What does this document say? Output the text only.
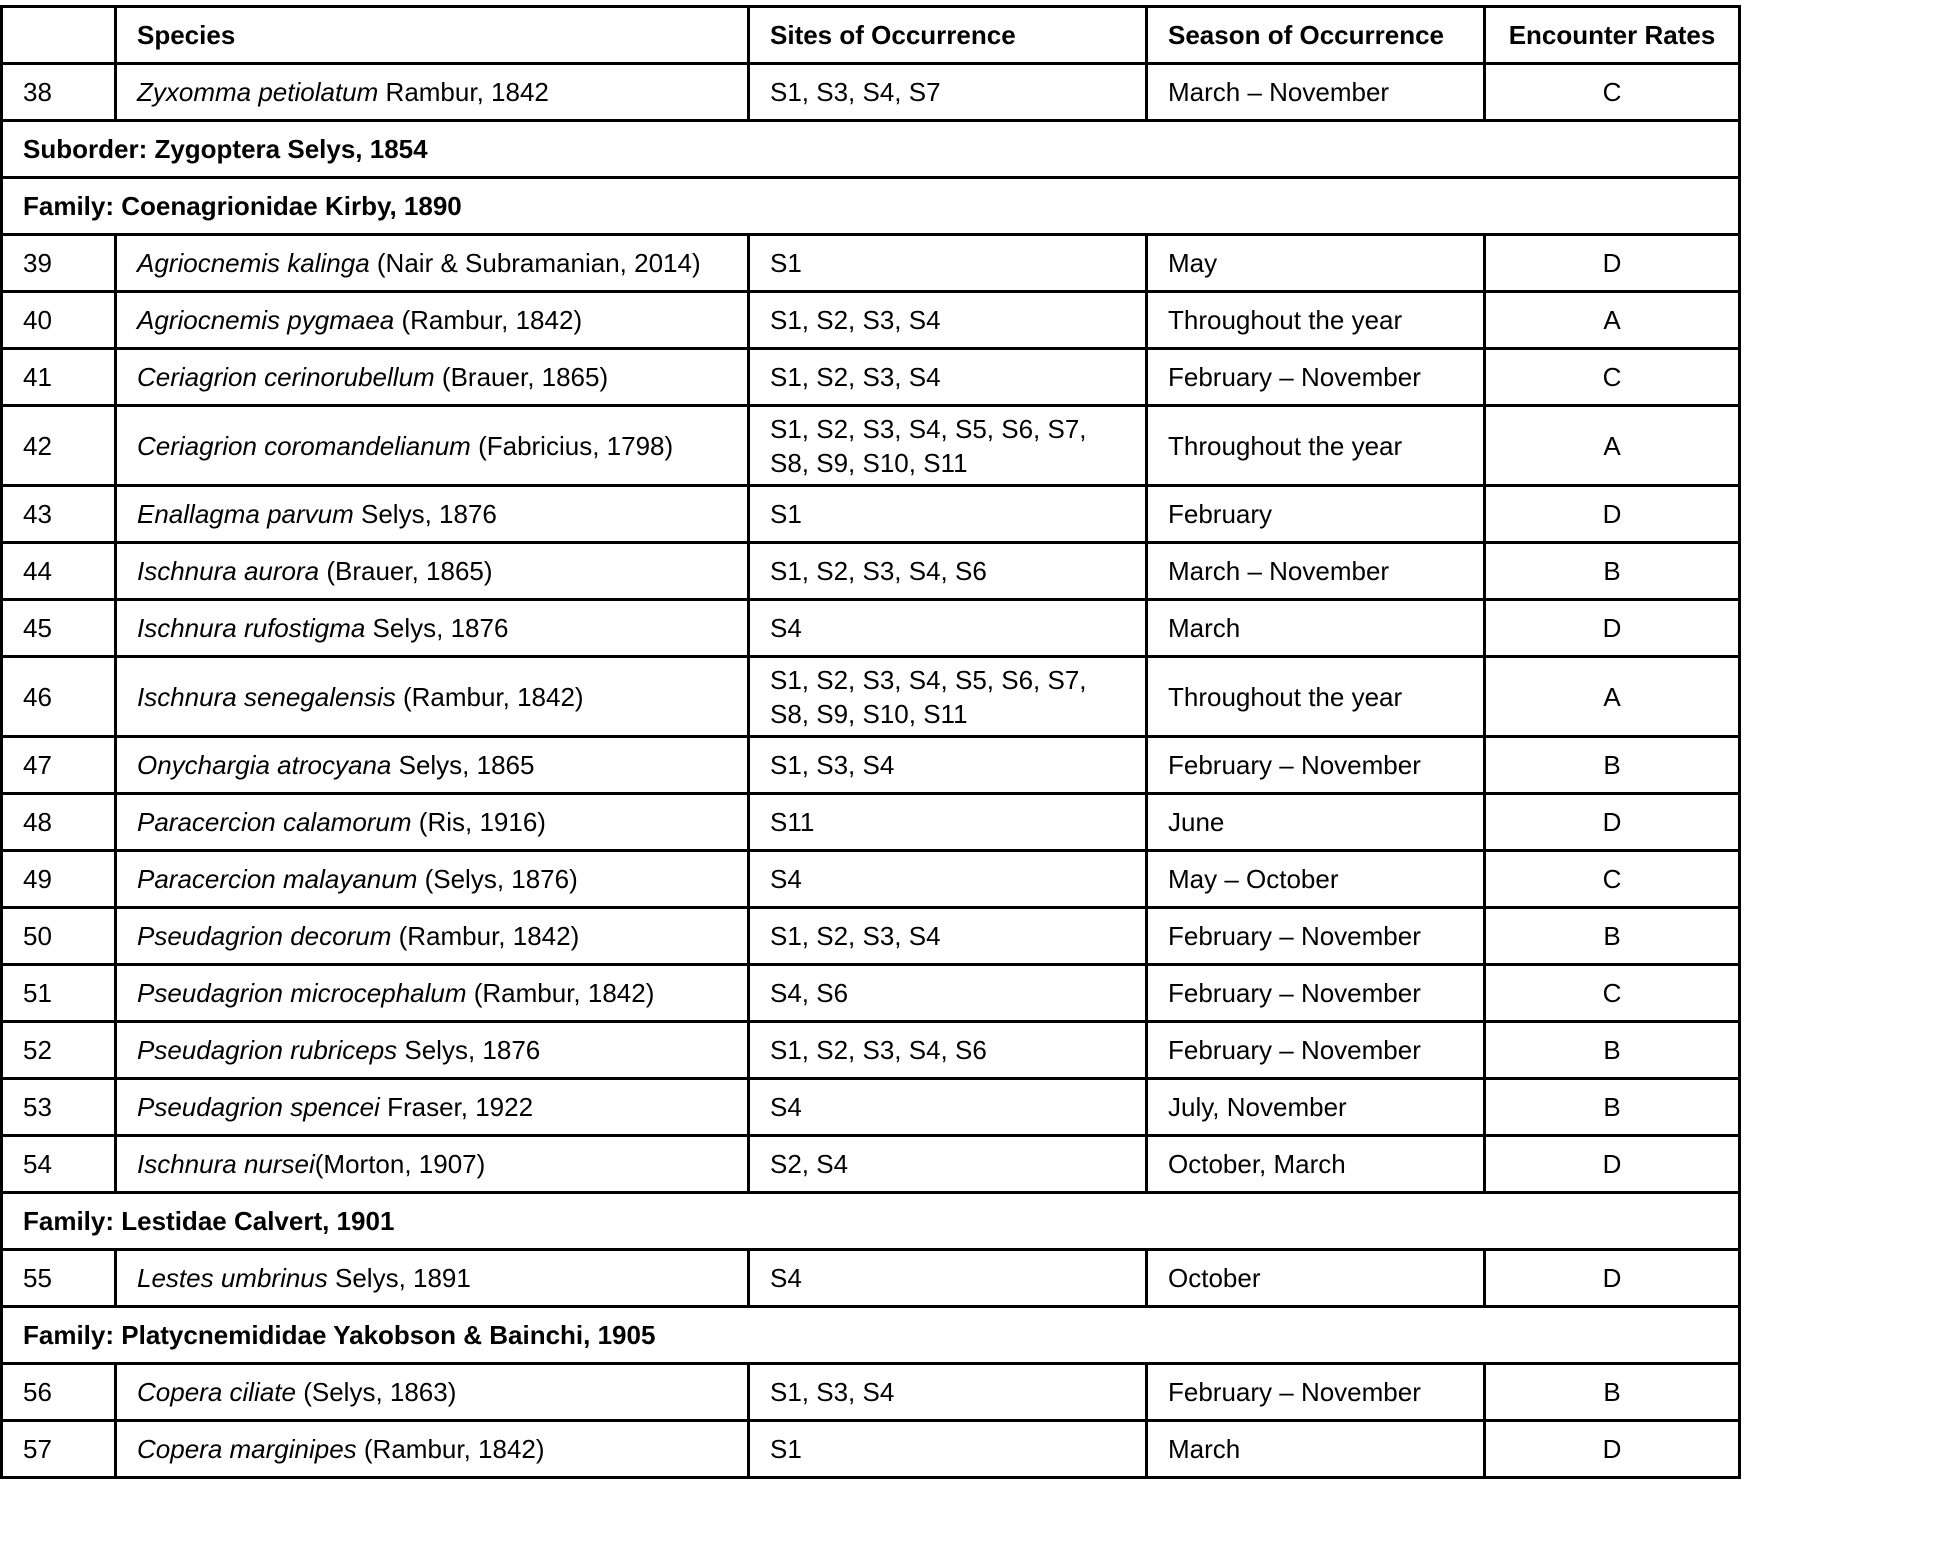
	Species	Sites of Occurrence	Season of Occurrence	Encounter Rates
38	Zyxomma petiolatum Rambur, 1842	S1, S3, S4, S7	March – November	C
Suborder: Zygoptera Selys, 1854				
Family: Coenagrionidae Kirby, 1890				
39	Agriocnemis kalinga (Nair & Subramanian, 2014)	S1	May	D
40	Agriocnemis pygmaea (Rambur, 1842)	S1, S2, S3, S4	Throughout the year	A
41	Ceriagrion cerinorubellum (Brauer, 1865)	S1, S2, S3, S4	February – November	C
42	Ceriagrion coromandelianum (Fabricius, 1798)	S1, S2, S3, S4, S5, S6, S7, S8, S9, S10, S11	Throughout the year	A
43	Enallagma parvum Selys, 1876	S1	February	D
44	Ischnura aurora (Brauer, 1865)	S1, S2, S3, S4, S6	March – November	B
45	Ischnura rufostigma Selys, 1876	S4	March	D
46	Ischnura senegalensis (Rambur, 1842)	S1, S2, S3, S4, S5, S6, S7, S8, S9, S10, S11	Throughout the year	A
47	Onychargia atrocyana Selys, 1865	S1, S3, S4	February – November	B
48	Paracercion calamorum (Ris, 1916)	S11	June	D
49	Paracercion malayanum (Selys, 1876)	S4	May – October	C
50	Pseudagrion decorum (Rambur, 1842)	S1, S2, S3, S4	February – November	B
51	Pseudagrion microcephalum (Rambur, 1842)	S4, S6	February – November	C
52	Pseudagrion rubriceps Selys, 1876	S1, S2, S3, S4, S6	February – November	B
53	Pseudagrion spencei Fraser, 1922	S4	July, November	B
54	Ischnura nursei(Morton, 1907)	S2, S4	October, March	D
Family: Lestidae Calvert, 1901				
55	Lestes umbrinus Selys, 1891	S4	October	D
Family: Platycnemididae Yakobson & Bainchi, 1905				
56	Copera ciliate (Selys, 1863)	S1, S3, S4	February – November	B
57	Copera marginipes (Rambur, 1842)	S1	March	D
